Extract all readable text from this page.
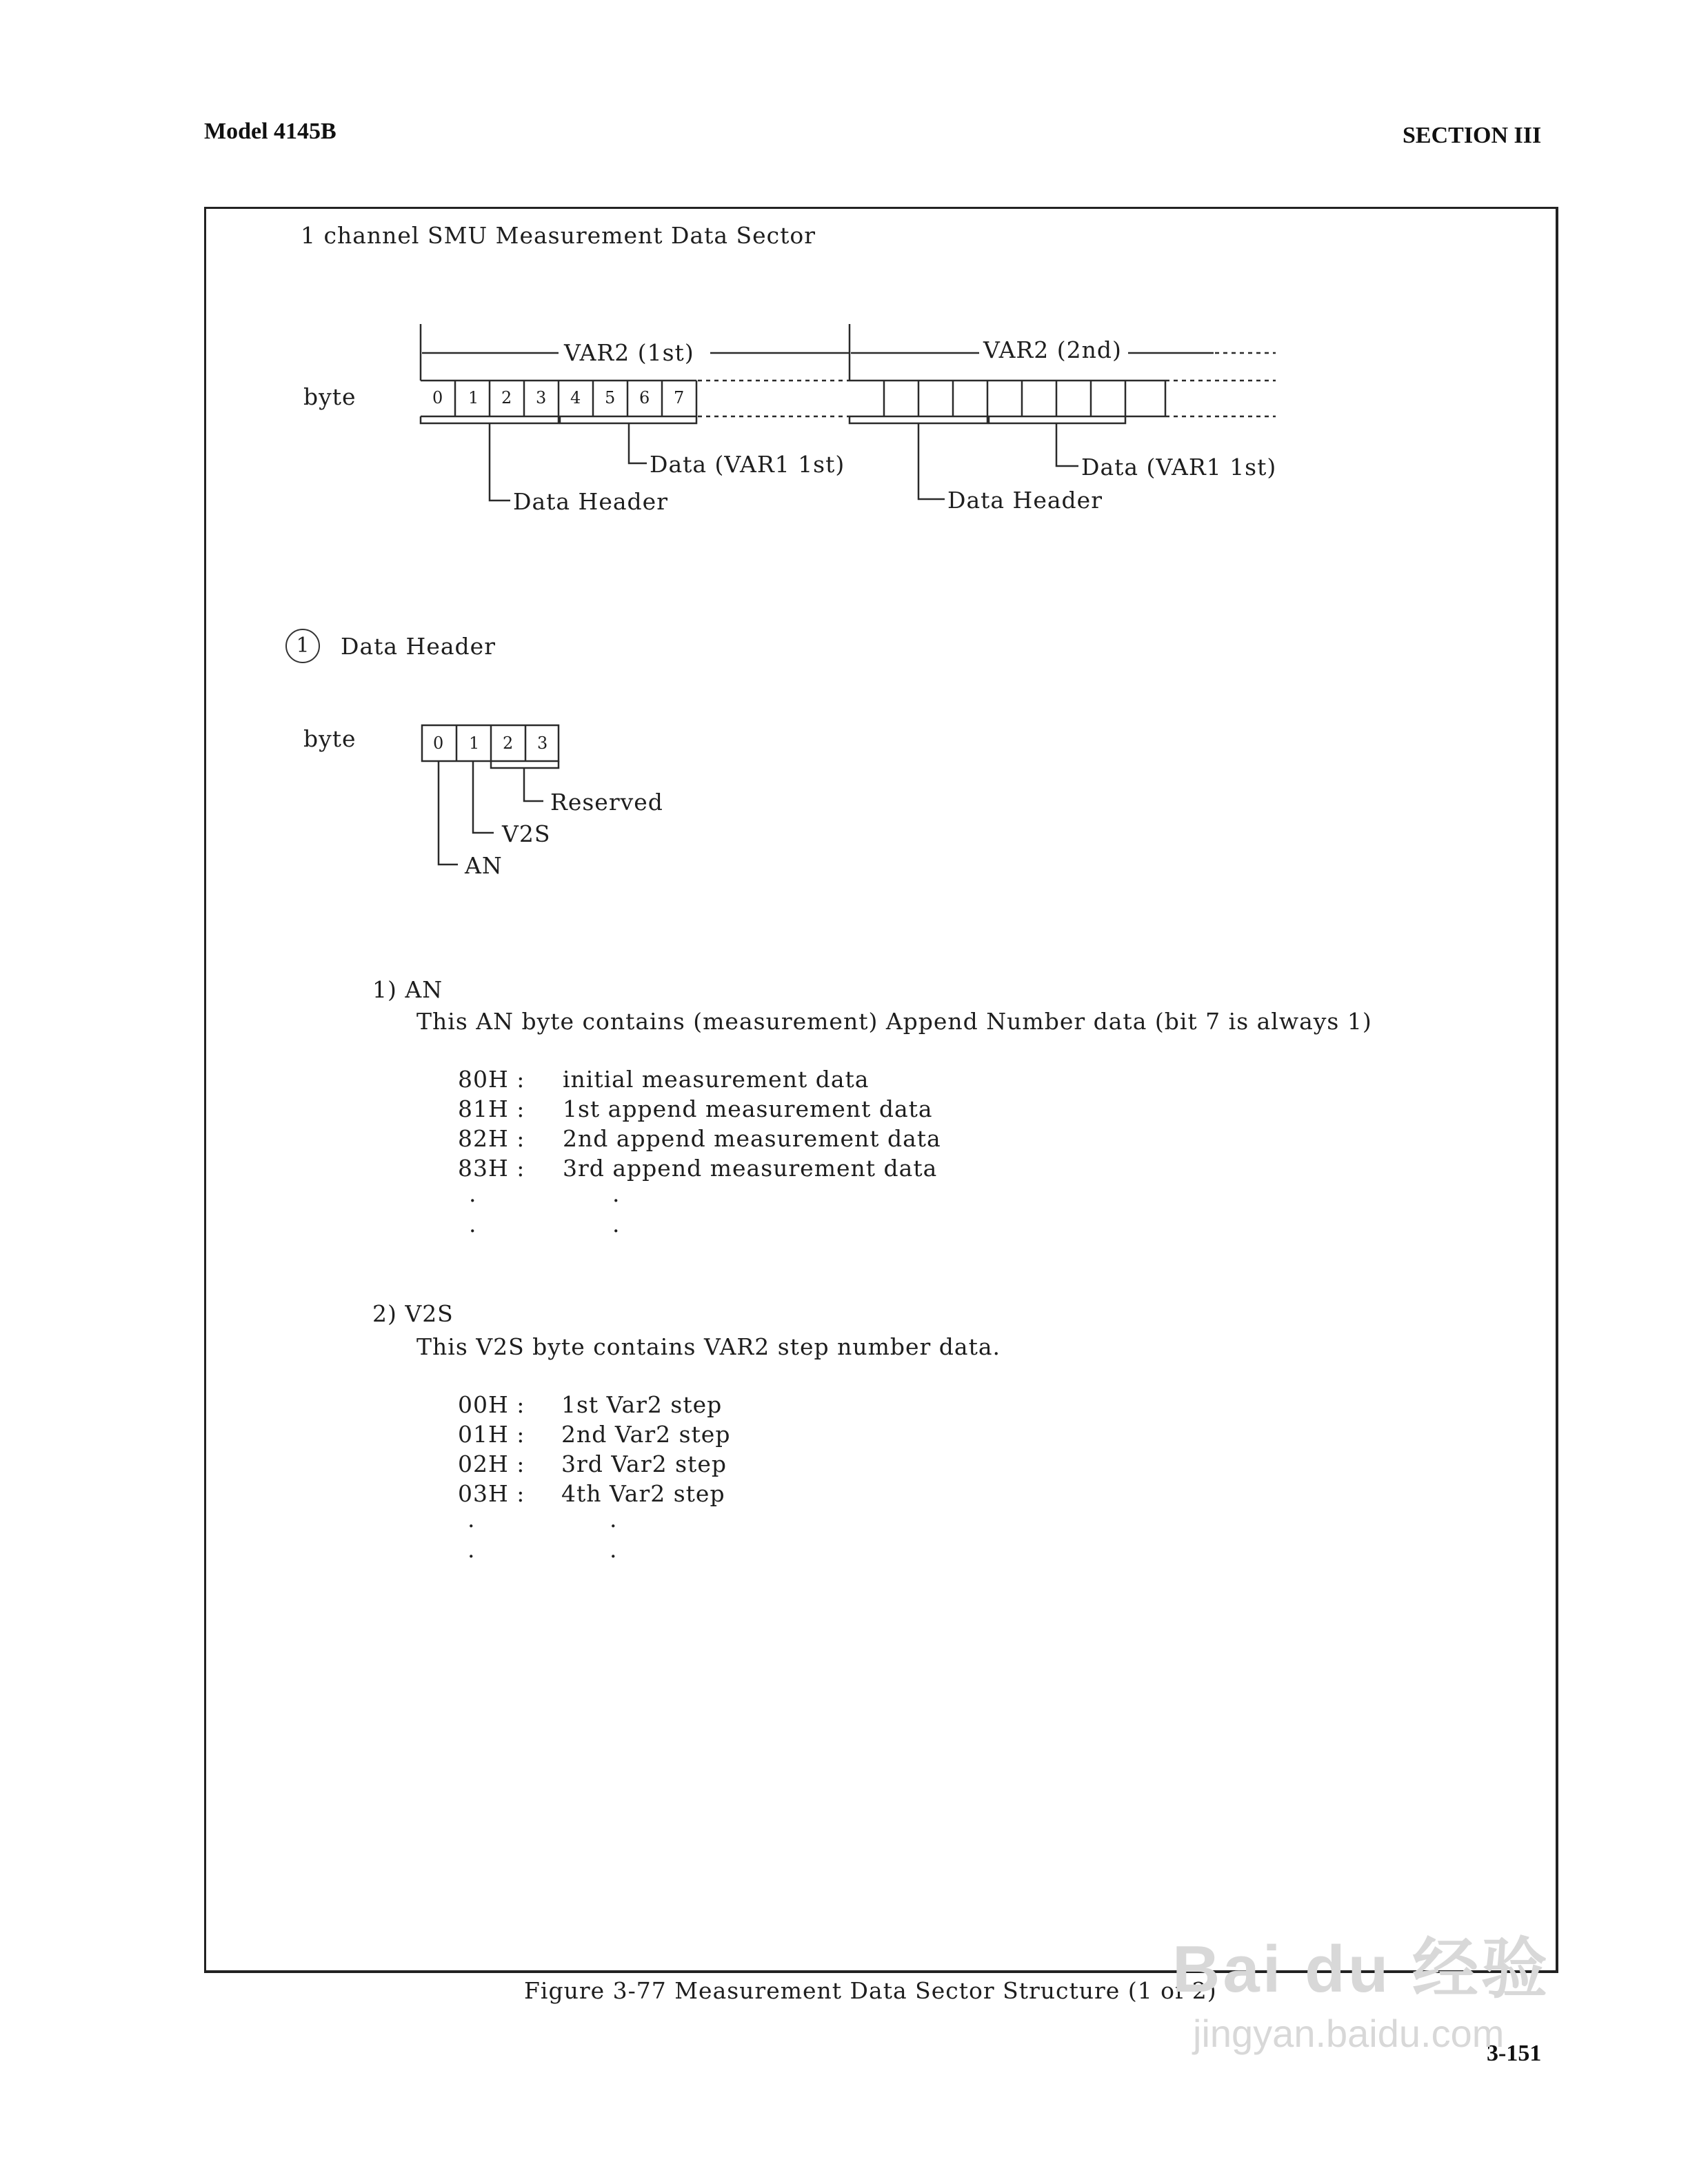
Model 4145B	SECTION III
1 channel SMU Measurement Data Sector
byte
VAR2 (1st)	VAR2 (2nd)
0 1 2 3 4 5 6 7
Data (VAR1 1st)
Data Header
Data (VAR1 1st)
Data Header
1	Data Header
byte	0 1 2 3
Reserved
V2S
AN
1) AN
This AN byte contains (measurement) Append Number data (bit 7 is always 1)
80H : initial measurement data
81H : 1st append measurement data
82H : 2nd append measurement data
83H : 3rd append measurement data
.	.
.	.
2) V2S
This V2S byte contains VAR2 step number data.
00H : 1st Var2 step
01H : 2nd Var2 step
02H : 3rd Var2 step
03H : 4th Var2 step
.	.
.	.
Figure 3-77 Measurement Data Sector Structure (1 of 2)
3-151
Bai du 经验
jingyan.baidu.com
